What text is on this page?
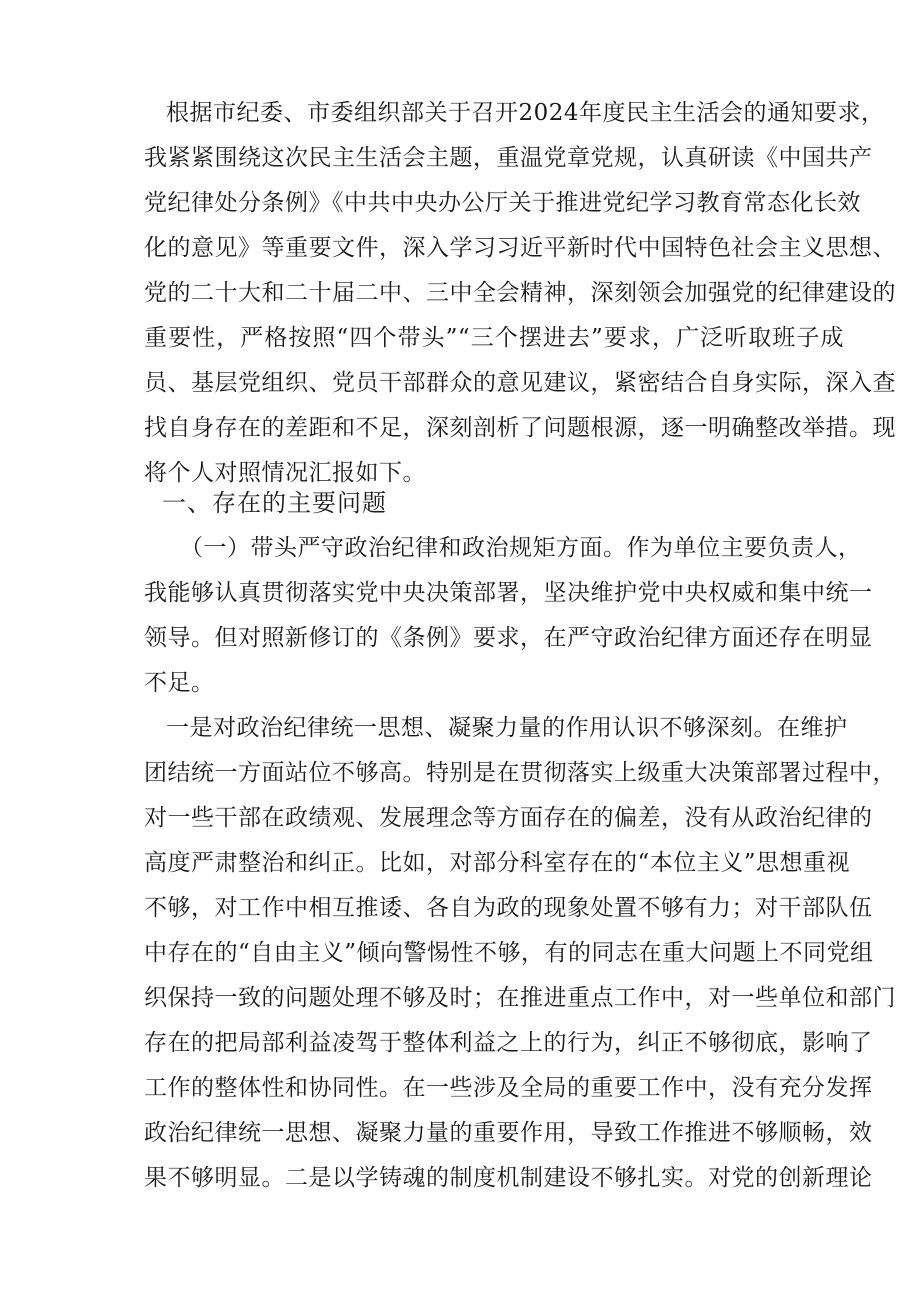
根据市纪委、市委组织部关于召开2024年度民主生活会的通知要求，
我紧紧围绕这次民主生活会主题，重温党章党规，认真研读《中国共产
党纪律处分条例》《中共中央办公厅关于推进党纪学习教育常态化长效
化的意见》等重要文件，深入学习习近平新时代中国特色社会主义思想、
党的二十大和二十届二中、三中全会精神，深刻领会加强党的纪律建设的
重要性，严格按照“四个带头”“三个摆进去”要求，广泛听取班子成
员、基层党组织、党员干部群众的意见建议，紧密结合自身实际，深入查
找自身存在的差距和不足，深刻剖析了问题根源，逐一明确整改举措。现
将个人对照情况汇报如下。
一、存在的主要问题
（一）带头严守政治纪律和政治规矩方面。作为单位主要负责人，
我能够认真贯彻落实党中央决策部署，坚决维护党中央权威和集中统一
领导。但对照新修订的《条例》要求，在严守政治纪律方面还存在明显
不足。
一是对政治纪律统一思想、凝聚力量的作用认识不够深刻。在维护
团结统一方面站位不够高。特别是在贯彻落实上级重大决策部署过程中，
对一些干部在政绩观、发展理念等方面存在的偏差，没有从政治纪律的
高度严肃整治和纠正。比如，对部分科室存在的“本位主义”思想重视
不够，对工作中相互推诿、各自为政的现象处置不够有力；对干部队伍
中存在的“自由主义”倾向警惕性不够，有的同志在重大问题上不同党组
织保持一致的问题处理不够及时；在推进重点工作中，对一些单位和部门
存在的把局部利益凌驾于整体利益之上的行为，纠正不够彻底，影响了
工作的整体性和协同性。在一些涉及全局的重要工作中，没有充分发挥
政治纪律统一思想、凝聚力量的重要作用，导致工作推进不够顺畅，效
果不够明显。二是以学铸魂的制度机制建设不够扎实。对党的创新理论
